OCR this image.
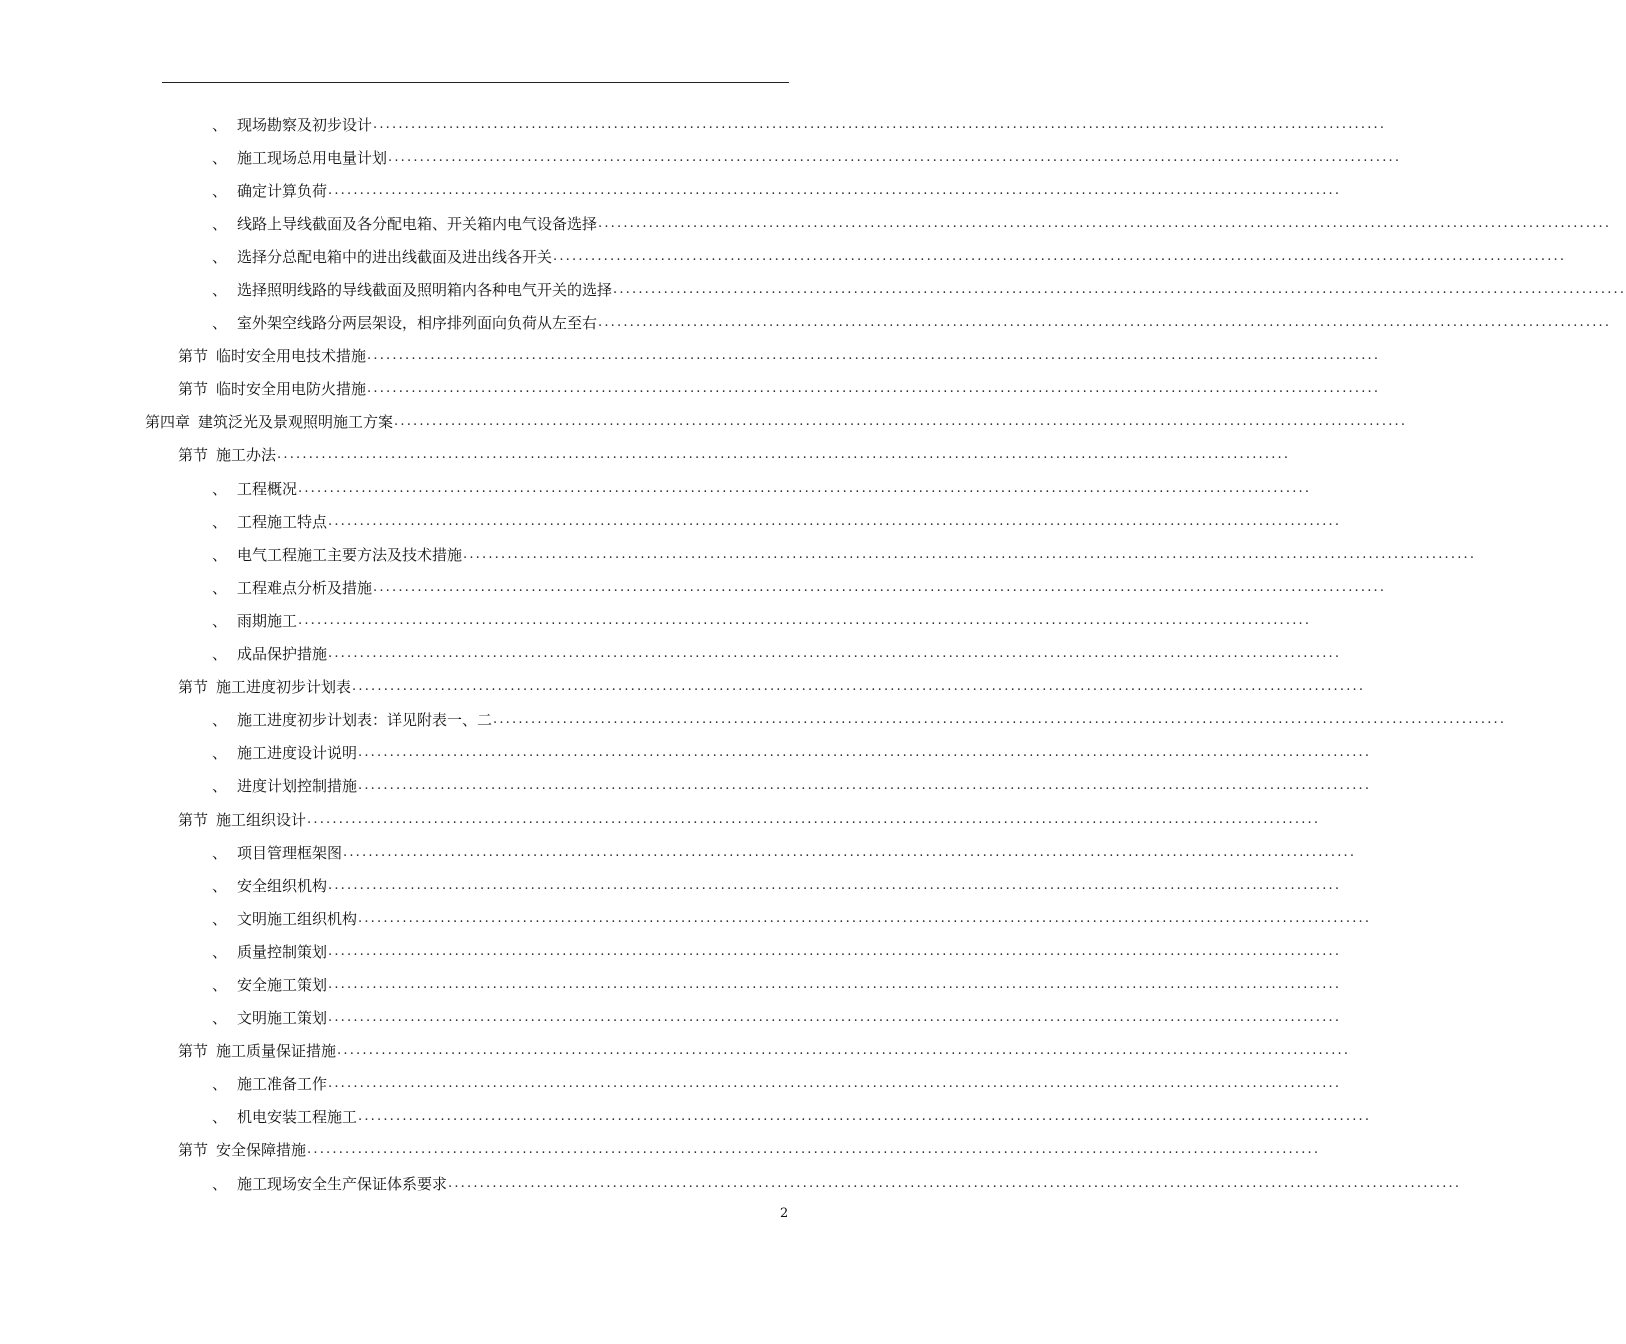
、 现场勘察及初步设计 ................................................................................................................................................................
、 施工现场总用电量计划 ................................................................................................................................................................
、 确定计算负荷 ................................................................................................................................................................
、 线路上导线截面及各分配电箱、开关箱内电气设备选择 ................................................................................................................................................................
、 选择分总配电箱中的进出线截面及进出线各开关 ................................................................................................................................................................
、 选择照明线路的导线截面及照明箱内各种电气开关的选择 ................................................................................................................................................................
、 室外架空线路分两层架设，相序排列面向负荷从左至右 ................................................................................................................................................................
第节 临时安全用电技术措施 ................................................................................................................................................................
第节 临时安全用电防火措施 ................................................................................................................................................................
第四章 建筑泛光及景观照明施工方案 ................................................................................................................................................................
第节 施工办法 ................................................................................................................................................................
、 工程概况 ................................................................................................................................................................
、 工程施工特点 ................................................................................................................................................................
、 电气工程施工主要方法及技术措施 ................................................................................................................................................................
、 工程难点分析及措施 ................................................................................................................................................................
、 雨期施工 ................................................................................................................................................................
、 成品保护措施 ................................................................................................................................................................
第节 施工进度初步计划表 ................................................................................................................................................................
、 施工进度初步计划表：详见附表一、二 ................................................................................................................................................................
、 施工进度设计说明 ................................................................................................................................................................
、 进度计划控制措施 ................................................................................................................................................................
第节 施工组织设计 ................................................................................................................................................................
、 项目管理框架图 ................................................................................................................................................................
、 安全组织机构 ................................................................................................................................................................
、 文明施工组织机构 ................................................................................................................................................................
、 质量控制策划 ................................................................................................................................................................
、 安全施工策划 ................................................................................................................................................................
、 文明施工策划 ................................................................................................................................................................
第节 施工质量保证措施 ................................................................................................................................................................
、 施工准备工作 ................................................................................................................................................................
、 机电安装工程施工 ................................................................................................................................................................
第节 安全保障措施 ................................................................................................................................................................
、 施工现场安全生产保证体系要求 ................................................................................................................................................................
2
